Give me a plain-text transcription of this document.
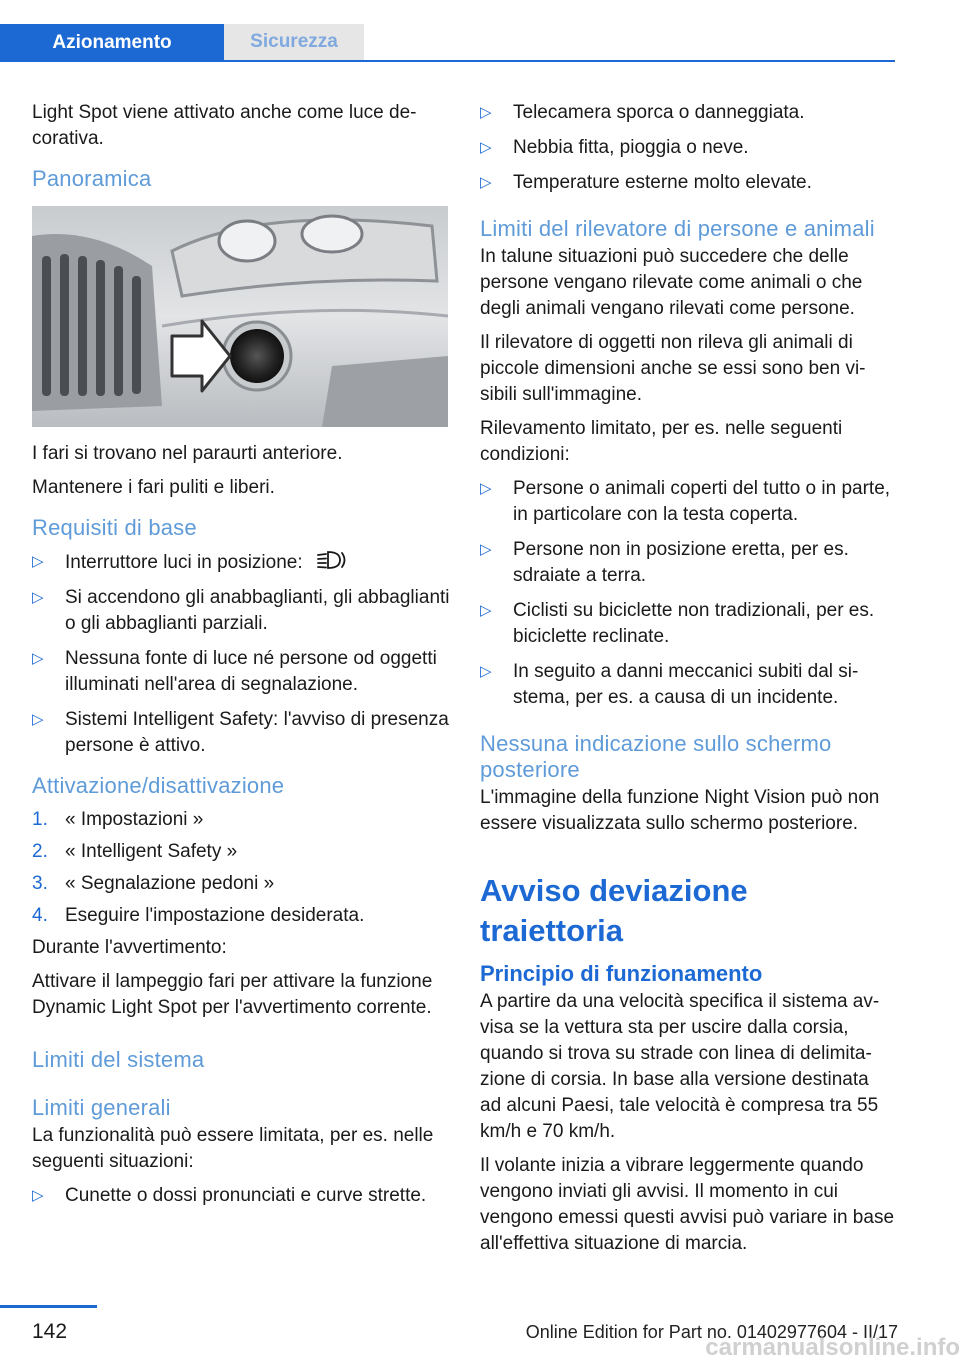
Azionamento	Sicurezza

Light Spot viene attivato anche come luce decorativa.

Panoramica

I fari si trovano nel paraurti anteriore.

Mantenere i fari puliti e liberi.

Requisiti di base
▷ Interruttore luci in posizione:
▷ Si accendono gli anabbaglianti, gli abbaglianti o gli abbaglianti parziali.
▷ Nessuna fonte di luce né persone od oggetti illuminati nell'area di segnalazione.
▷ Sistemi Intelligent Safety: l'avviso di presenza persone è attivo.
Attivazione/disattivazione
1. « Impostazioni »
2. « Intelligent Safety »
3. « Segnalazione pedoni »
4. Eseguire l'impostazione desiderata.

Durante l'avvertimento:

Attivare il lampeggio fari per attivare la funzione Dynamic Light Spot per l'avvertimento corrente.

Limiti del sistema
Limiti generali

La funzionalità può essere limitata, per es. nelle seguenti situazioni:

▷ Cunette o dossi pronunciati e curve strette.
▷ Telecamera sporca o danneggiata.
▷ Nebbia fitta, pioggia o neve.
▷ Temperature esterne molto elevate.
Limiti del rilevatore di persone e animali

In talune situazioni può succedere che delle persone vengano rilevate come animali o che degli animali vengano rilevati come persone.

Il rilevatore di oggetti non rileva gli animali di piccole dimensioni anche se essi sono ben visibili sull'immagine.

Rilevamento limitato, per es. nelle seguenti condizioni:

▷ Persone o animali coperti del tutto o in parte, in particolare con la testa coperta.
▷ Persone non in posizione eretta, per es. sdraiate a terra.
▷ Ciclisti su biciclette non tradizionali, per es. biciclette reclinate.
▷ In seguito a danni meccanici subiti dal sistema, per es. a causa di un incidente.
Nessuna indicazione sullo schermo posteriore

L'immagine della funzione Night Vision può non essere visualizzata sullo schermo posteriore.

Avviso deviazione traiettoria
Principio di funzionamento

A partire da una velocità specifica il sistema avvisa se la vettura sta per uscire dalla corsia, quando si trova su strade con linea di delimitazione di corsia. In base alla versione destinata ad alcuni Paesi, tale velocità è compresa tra 55 km/h e 70 km/h.

Il volante inizia a vibrare leggermente quando vengono inviati gli avvisi. Il momento in cui vengono emessi questi avvisi può variare in base all'effettiva situazione di marcia.

142	Online Edition for Part no. 01402977604 - II/17
carmanualsonline.info
